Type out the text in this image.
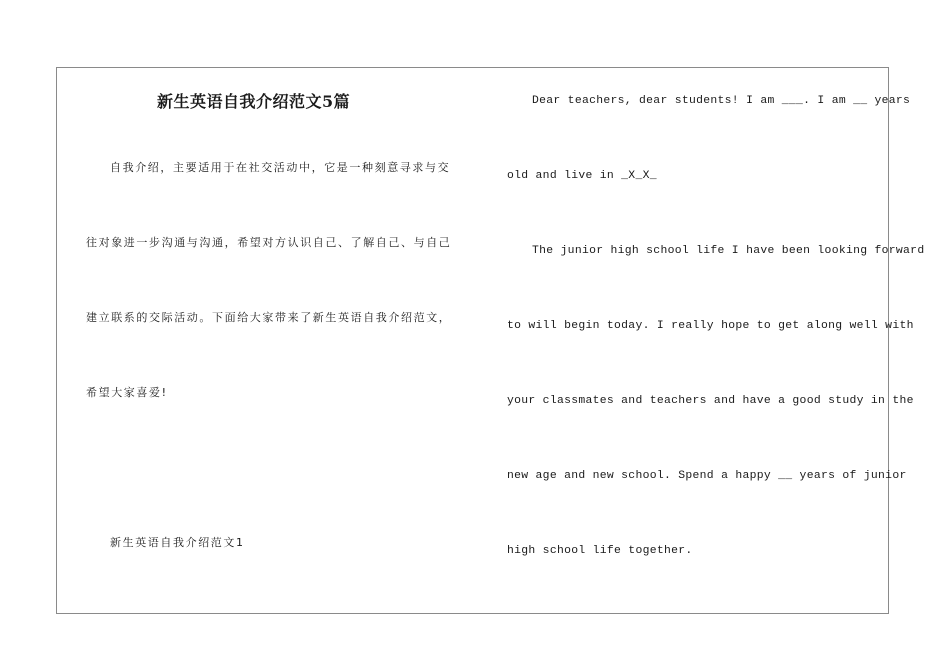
新生英语自我介绍范文5篇
自我介绍，主要适用于在社交活动中，它是一种刻意寻求与交
往对象进一步沟通与沟通，希望对方认识自己、了解自己、与自己
建立联系的交际活动。下面给大家带来了新生英语自我介绍范文，
希望大家喜爱!
新生英语自我介绍范文1
Dear teachers, dear students! I am ___. I am __ years
old and live in _X_X_
The junior high school life I have been looking forward
to will begin today. I really hope to get along well with
your classmates and teachers and have a good study in the
new age and new school. Spend a happy __ years of junior
high school life together.
